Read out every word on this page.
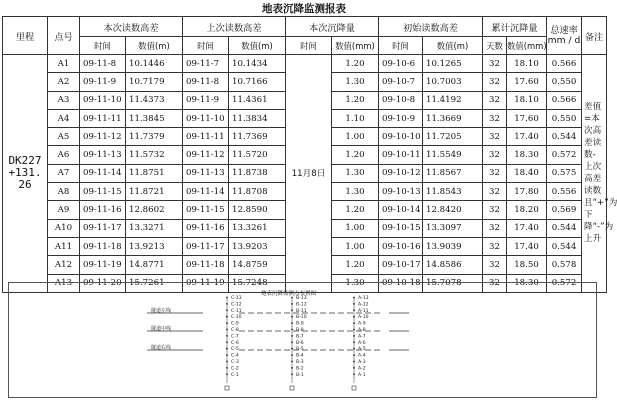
地表沉降监测报表
里程	点号	本次读数高差		上次读数高差		本次沉降量		初始读数高差		累计沉降量		总速率 mm / d	备注
		时间	数值(m)	时间	数值(m)	时间	数值(mm)	时间	数值(m)	天数	数值(mm)		
DK227+131.26	A1	09-11-8	10.1446	09-11-7	10.1434	11月8日	1.20	09-10-6	10.1265	32	18.10	0.566	差值=本次高差读数-上次高差读数且“+”为下降“-”为上升
	A2	09-11-9	10.7179	09-11-8	10.7166		1.30	09-10-7	10.7003	32	17.60	0.550	
	A3	09-11-10	11.4373	09-11-9	11.4361		1.20	09-10-8	11.4192	32	18.10	0.566	
	A4	09-11-11	11.3845	09-11-10	11.3834		1.10	09-10-9	11.3669	32	17.60	0.550	
	A5	09-11-12	11.7379	09-11-11	11.7369		1.00	09-10-10	11.7205	32	17.40	0.544	
	A6	09-11-13	11.5732	09-11-12	11.5720		1.20	09-10-11	11.5549	32	18.30	0.572	
	A7	09-11-14	11.8751	09-11-13	11.8738		1.30	09-10-12	11.8567	32	18.40	0.575	
	A8	09-11-15	11.8721	09-11-14	11.8708		1.30	09-10-13	11.8543	32	17.80	0.556	
	A9	09-11-16	12.8602	09-11-15	12.8590		1.20	09-10-14	12.8420	32	18.20	0.569	
	A10	09-11-17	13.3271	09-11-16	13.3261		1.00	09-10-15	13.3097	32	17.40	0.544	
	A11	09-11-18	13.9213	09-11-17	13.9203		1.00	09-10-16	13.9039	32	17.40	0.544	
	A12	09-11-19	14.8771	09-11-18	14.8759		1.20	09-10-17	14.8586	32	18.50	0.578	
	A13	09-11-20	15.7261	09-11-19	15.7248		1.30	09-10-18	15.7078	32	18.30	0.572	
地表沉降监测点布置图
隧道左线
隧道中线
隧道右线
C-13
C-12
C-11
C-10
C-9
C-8
C-7
C-6
C-5
C-4
C-3
C-2
C-1
B-13
B-12
B-11
B-10
B-9
B-8
B-7
B-6
B-5
B-4
B-3
B-2
B-1
A-13
A-12
A-11
A-10
A-9
A-8
A-7
A-6
A-5
A-4
A-3
A-2
A-1
